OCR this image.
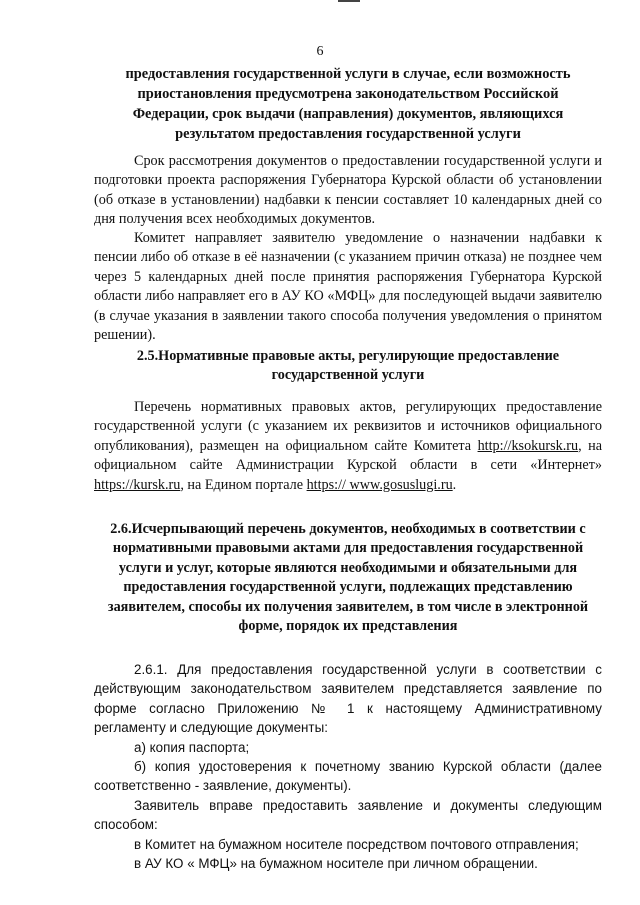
6
предоставления государственной услуги в случае, если возможность приостановления предусмотрена законодательством Российской Федерации, срок выдачи (направления) документов, являющихся результатом предоставления государственной услуги

Срок рассмотрения документов о предоставлении государственной услуги и подготовки проекта распоряжения Губернатора Курской области об установлении (об отказе в установлении) надбавки к пенсии составляет 10 календарных дней со дня получения всех необходимых документов.

Комитет направляет заявителю уведомление о назначении надбавки к пенсии либо об отказе в её назначении (с указанием причин отказа) не позднее чем через 5 календарных дней после принятия распоряжения Губернатора Курской области либо направляет его в АУ КО «МФЦ» для последующей выдачи заявителю (в случае указания в заявлении такого способа получения уведомления о принятом решении).

2.5.Нормативные правовые акты, регулирующие предоставление государственной услуги

Перечень нормативных правовых актов, регулирующих предоставление государственной услуги (с указанием их реквизитов и источников официального опубликования), размещен на официальном сайте Комитета http://ksokursk.ru, на официальном сайте Администрации Курской области в сети «Интернет» https://kursk.ru, на Едином портале https:// www.gosuslugi.ru.

2.6.Исчерпывающий перечень документов, необходимых в соответствии с нормативными правовыми актами для предоставления государственной услуги и услуг, которые являются необходимыми и обязательными для предоставления государственной услуги, подлежащих представлению заявителем, способы их получения заявителем, в том числе в электронной форме, порядок их представления

2.6.1. Для предоставления государственной услуги в соответствии с действующим законодательством заявителем представляется заявление по форме согласно Приложению № 1 к настоящему Административному регламенту и следующие документы:

а) копия паспорта;

б) копия удостоверения к почетному званию Курской области (далее соответственно - заявление, документы).

Заявитель вправе предоставить заявление и документы следующим способом:

в Комитет на бумажном носителе посредством почтового отправления;

в АУ КО « МФЦ» на бумажном носителе при личном обращении.
